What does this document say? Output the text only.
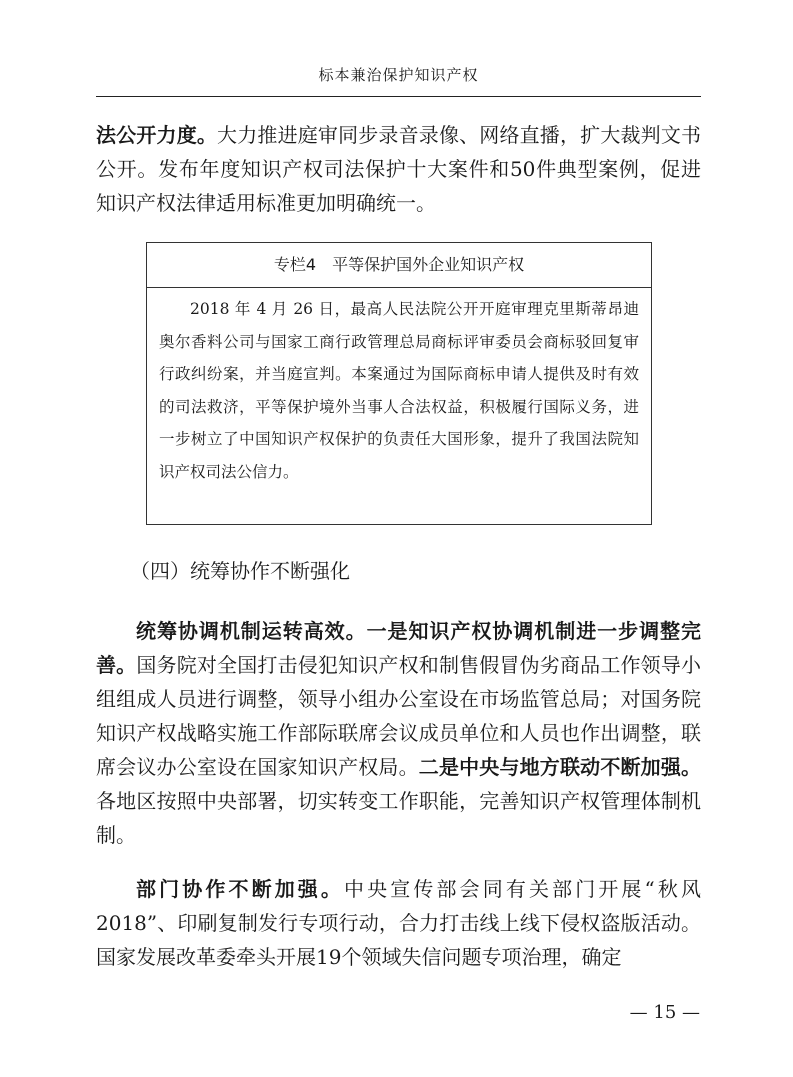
标本兼治保护知识产权

法公开力度。大力推进庭审同步录音录像、网络直播，扩大裁判文书公开。发布年度知识产权司法保护十大案件和50件典型案例，促进知识产权法律适用标准更加明确统一。

专栏4　平等保护国外企业知识产权

2018 年 4 月 26 日，最高人民法院公开开庭审理克里斯蒂昂迪奥尔香料公司与国家工商行政管理总局商标评审委员会商标驳回复审行政纠纷案，并当庭宣判。本案通过为国际商标申请人提供及时有效的司法救济，平等保护境外当事人合法权益，积极履行国际义务，进一步树立了中国知识产权保护的负责任大国形象，提升了我国法院知识产权司法公信力。

（四）统筹协作不断强化

统筹协调机制运转高效。一是知识产权协调机制进一步调整完善。国务院对全国打击侵犯知识产权和制售假冒伪劣商品工作领导小组组成人员进行调整，领导小组办公室设在市场监管总局；对国务院知识产权战略实施工作部际联席会议成员单位和人员也作出调整，联席会议办公室设在国家知识产权局。二是中央与地方联动不断加强。各地区按照中央部署，切实转变工作职能，完善知识产权管理体制机制。

部门协作不断加强。中央宣传部会同有关部门开展“秋风2018”、印刷复制发行专项行动，合力打击线上线下侵权盗版活动。国家发展改革委牵头开展19个领域失信问题专项治理，确定

— 15 —
